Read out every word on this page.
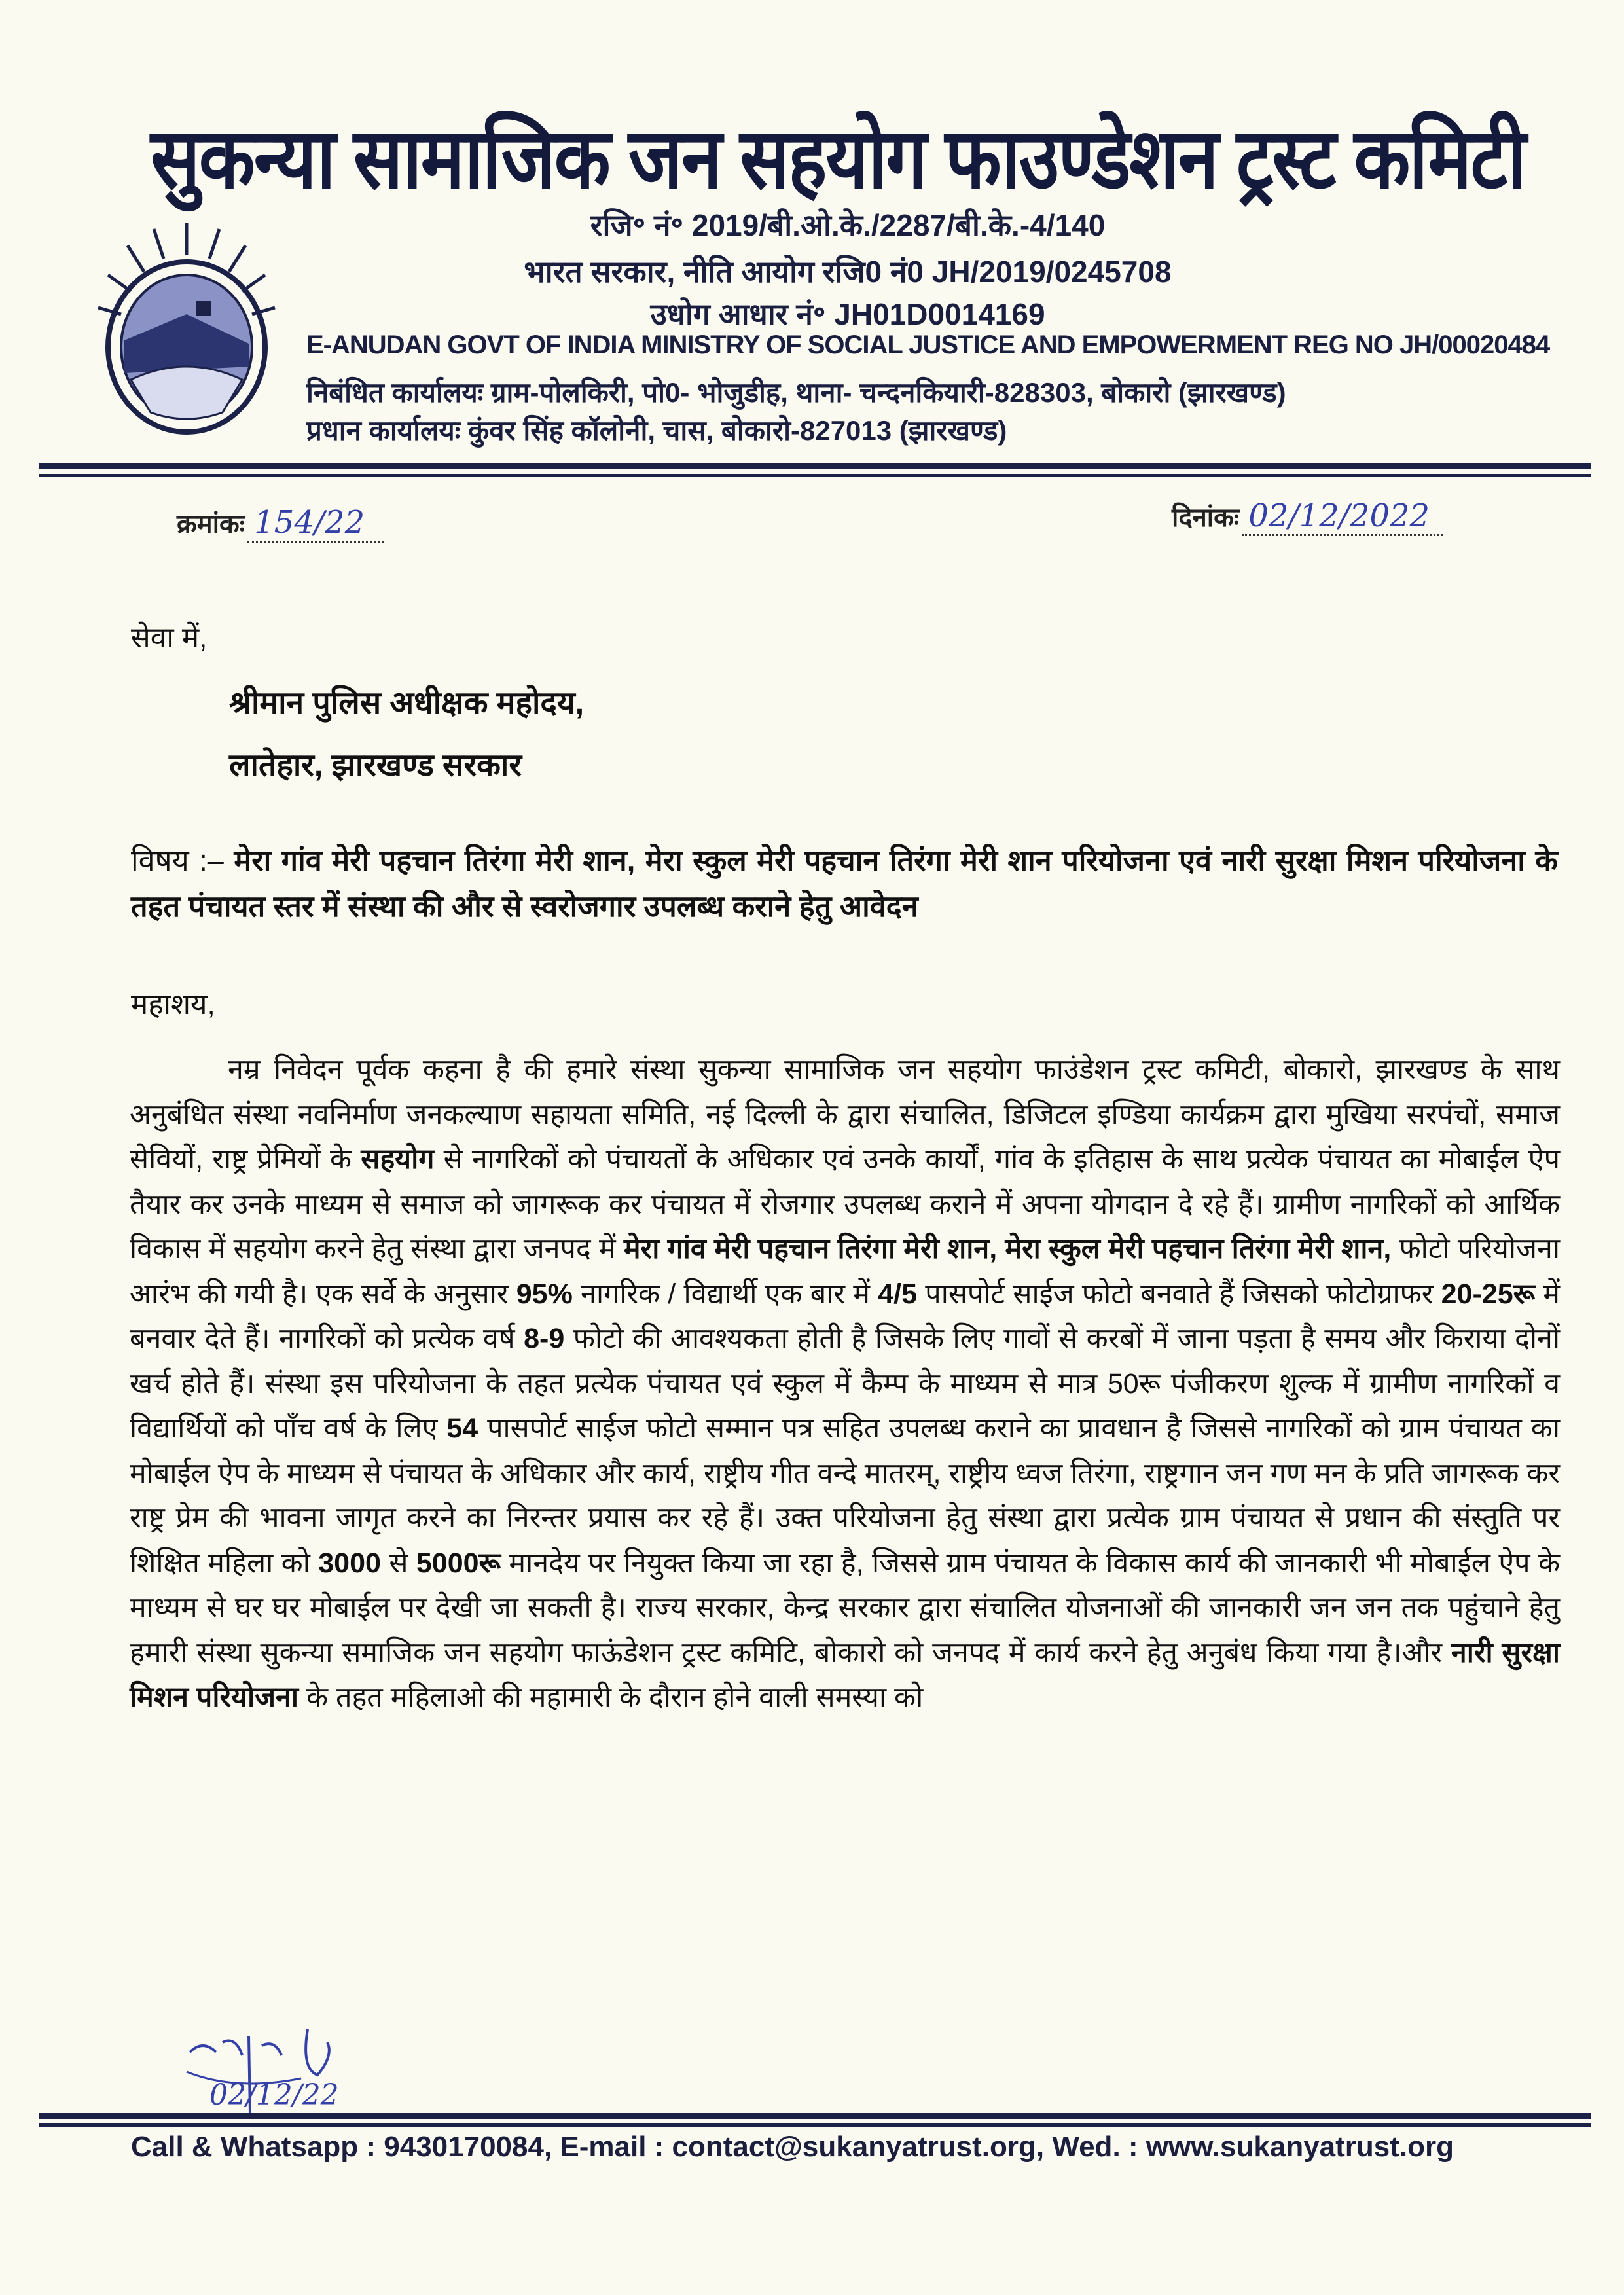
सुकन्या सामाजिक जन सहयोग फाउण्डेशन ट्रस्ट कमिटी
रजि॰ नं॰ 2019/बी.ओ.के./2287/बी.के.-4/140
भारत सरकार, नीति आयोग रजि0 नं0 JH/2019/0245708
उधोग आधार नं॰ JH01D0014169
E-ANUDAN GOVT OF INDIA MINISTRY OF SOCIAL JUSTICE AND EMPOWERMENT REG NO JH/00020484
निबंधित कार्यालयः ग्राम-पोलकिरी, पो0- भोजुडीह, थाना- चन्दनकियारी-828303, बोकारो (झारखण्ड)
प्रधान कार्यालयः कुंवर सिंह कॉलोनी, चास, बोकारो-827013 (झारखण्ड)
क्रमांकः 154/22	दिनांकः 02/12/2022
सेवा में,
श्रीमान पुलिस अधीक्षक महोदय,
लातेहार, झारखण्ड सरकार
विषय :– मेरा गांव मेरी पहचान तिरंगा मेरी शान, मेरा स्कुल मेरी पहचान तिरंगा मेरी शान परियोजना एवं नारी सुरक्षा मिशन परियोजना के तहत पंचायत स्तर में संस्था की और से स्वरोजगार उपलब्ध कराने हेतु आवेदन
महाशय,
नम्र निवेदन पूर्वक कहना है की हमारे संस्था सुकन्या सामाजिक जन सहयोग फाउंडेशन ट्रस्ट कमिटी, बोकारो, झारखण्ड के साथ अनुबंधित संस्था नवनिर्माण जनकल्याण सहायता समिति, नई दिल्ली के द्वारा संचालित, डिजिटल इण्डिया कार्यक्रम द्वारा मुखिया सरपंचों, समाज सेवियों, राष्ट्र प्रेमियों के सहयोग से नागरिकों को पंचायतों के अधिकार एवं उनके कार्यों, गांव के इतिहास के साथ प्रत्येक पंचायत का मोबाईल ऐप तैयार कर उनके माध्यम से समाज को जागरूक कर पंचायत में रोजगार उपलब्ध कराने में अपना योगदान दे रहे हैं। ग्रामीण नागरिकों को आर्थिक विकास में सहयोग करने हेतु संस्था द्वारा जनपद में मेरा गांव मेरी पहचान तिरंगा मेरी शान, मेरा स्कुल मेरी पहचान तिरंगा मेरी शान, फोटो परियोजना आरंभ की गयी है। एक सर्वे के अनुसार 95% नागरिक / विद्यार्थी एक बार में 4/5 पासपोर्ट साईज फोटो बनवाते हैं जिसको फोटोग्राफर 20-25रू में बनवार देते हैं। नागरिकों को प्रत्येक वर्ष 8-9 फोटो की आवश्यकता होती है जिसके लिए गावों से करबों में जाना पड़ता है समय और किराया दोनों खर्च होते हैं। संस्था इस परियोजना के तहत प्रत्येक पंचायत एवं स्कुल में कैम्प के माध्यम से मात्र 50रू पंजीकरण शुल्क में ग्रामीण नागरिकों व विद्यार्थियों को पाँच वर्ष के लिए 54 पासपोर्ट साईज फोटो सम्मान पत्र सहित उपलब्ध कराने का प्रावधान है जिससे नागरिकों को ग्राम पंचायत का मोबाईल ऐप के माध्यम से पंचायत के अधिकार और कार्य, राष्ट्रीय गीत वन्दे मातरम्, राष्ट्रीय ध्वज तिरंगा, राष्ट्रगान जन गण मन के प्रति जागरूक कर राष्ट्र प्रेम की भावना जागृत करने का निरन्तर प्रयास कर रहे हैं। उक्त परियोजना हेतु संस्था द्वारा प्रत्येक ग्राम पंचायत से प्रधान की संस्तुति पर शिक्षित महिला को 3000 से 5000रू मानदेय पर नियुक्त किया जा रहा है, जिससे ग्राम पंचायत के विकास कार्य की जानकारी भी मोबाईल ऐप के माध्यम से घर घर मोबाईल पर देखी जा सकती है। राज्य सरकार, केन्द्र सरकार द्वारा संचालित योजनाओं की जानकारी जन जन तक पहुंचाने हेतु हमारी संस्था सुकन्या समाजिक जन सहयोग फाऊंडेशन ट्रस्ट कमिटि, बोकारो को जनपद में कार्य करने हेतु अनुबंध किया गया है।और नारी सुरक्षा मिशन परियोजना के तहत महिलाओ की महामारी के दौरान होने वाली समस्या को
02/12/22
Call & Whatsapp : 9430170084, E-mail : contact@sukanyatrust.org, Wed. : www.sukanyatrust.org
